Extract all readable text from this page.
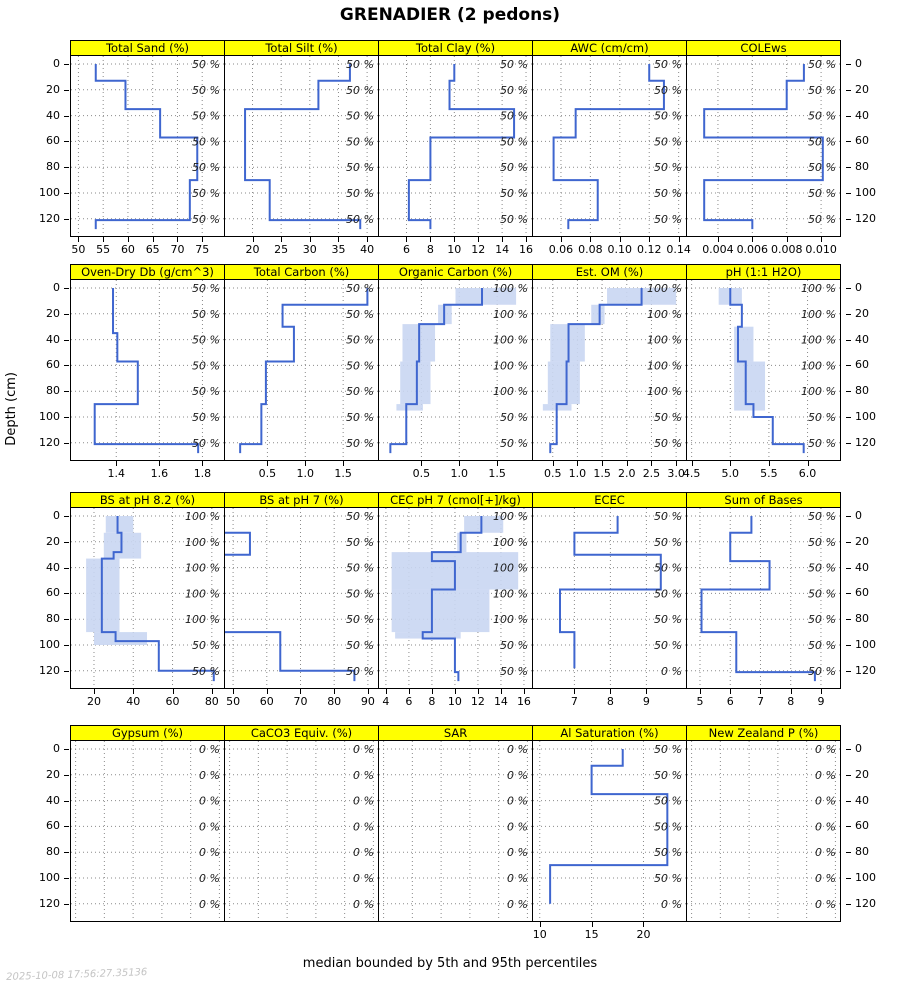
GRENADIER (2 pedons)
Depth (cm)
0
20
40
60
80
100
120
Total Sand (%)
50 %
50 %
50 %
50 %
50 %
50 %
50 %
50 55 60 65 70 75
Total Silt (%)
50 %
50 %
50 %
50 %
50 %
50 %
50 %
20 25 30 35 40
Total Clay (%)
50 %
50 %
50 %
50 %
50 %
50 %
50 %
6 8 10 12 14 16
AWC (cm/cm)
50 %
50 %
50 %
50 %
50 %
50 %
50 %
0.06 0.08 0.10 0.12 0.14
COLEws
50 %
50 %
50 %
50 %
50 %
50 %
50 %
0.004 0.006 0.008 0.010
0
20
40
60
80
100
120
0
20
40
60
80
100
120
Oven-Dry Db (g/cm^3)
50 %
50 %
50 %
50 %
50 %
50 %
50 %
1.4 1.6 1.8
Total Carbon (%)
50 %
50 %
50 %
50 %
50 %
50 %
50 %
0.5 1.0 1.5
Organic Carbon (%)
100 %
100 %
100 %
100 %
100 %
50 %
50 %
0.5 1.0 1.5
Est. OM (%)
100 %
100 %
100 %
100 %
100 %
50 %
50 %
0.5 1.0 1.5 2.0 2.5 3.0
pH (1:1 H2O)
100 %
100 %
100 %
100 %
100 %
50 %
50 %
4.5 5.0 5.5 6.0
0
20
40
60
80
100
120
0
20
40
60
80
100
120
BS at pH 8.2 (%)
100 %
100 %
100 %
100 %
100 %
50 %
50 %
20 40 60 80
BS at pH 7 (%)
50 %
50 %
50 %
50 %
50 %
50 %
50 %
50 60 70 80 90
CEC pH 7 (cmol[+]/kg)
100 %
100 %
100 %
100 %
100 %
50 %
50 %
4 6 8 10 12 14 16
ECEC
50 %
50 %
50 %
50 %
50 %
50 %
0 %
7	8	9
Sum of Bases
50 %
50 %
50 %
50 %
50 %
50 %
50 %
5 6 7 8 9
0
20
40
60
80
100
120
0
20
40
60
80
100
120
Gypsum (%)
0 %
0 %
0 %
0 %
0 %
0 %
0 %
CaCO3 Equiv. (%)
0 %
0 %
0 %
0 %
0 %
0 %
0 %
SAR
0 %
0 %
0 %
0 %
0 %
0 %
0 %
Al Saturation (%)
50 %
50 %
50 %
50 %
50 %
50 %
0 %
10	15	20
New Zealand P (%)
0 %
0 %
0 %
0 %
0 %
0 %
0 %
0
20
40
60
80
100
120
median bounded by 5th and 95th percentiles
2025-10-08 17:56:27.35136
